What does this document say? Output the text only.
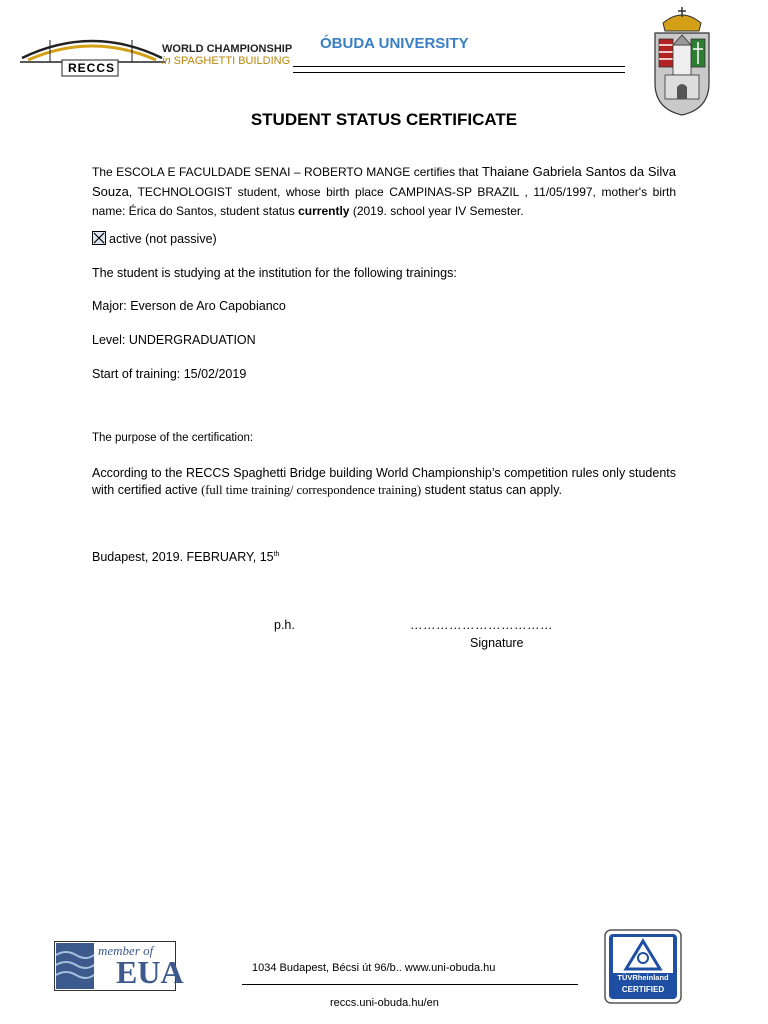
RECCS
WORLD CHAMPIONSHIP
in SPAGHETTI BUILDING
ÓBUDA UNIVERSITY
STUDENT STATUS CERTIFICATE
The ESCOLA E FACULDADE SENAI – ROBERTO MANGE certifies that Thaiane Gabriela Santos da Silva Souza, TECHNOLOGIST student, whose birth place CAMPINAS-SP BRAZIL , 11/05/1997, mother's birth name: Érica do Santos, student status currently (2019. school year IV Semester.
active (not passive)
The student is studying at the institution for the following trainings:
Major: Everson de Aro Capobianco
Level: UNDERGRADUATION
Start of training: 15/02/2019
The purpose of the certification:
According to the RECCS Spaghetti Bridge building World Championship’s competition rules only students with certified active (full time training/ correspondence training) student status can apply.
Budapest, 2019. FEBRUARY, 15th
p.h.	……………………………
Signature
member of
EUA	1034 Budapest, Bécsi út 96/b.. www.uni-obuda.hu
reccs.uni-obuda.hu/en
TÜVRheinland
CERTIFIED
